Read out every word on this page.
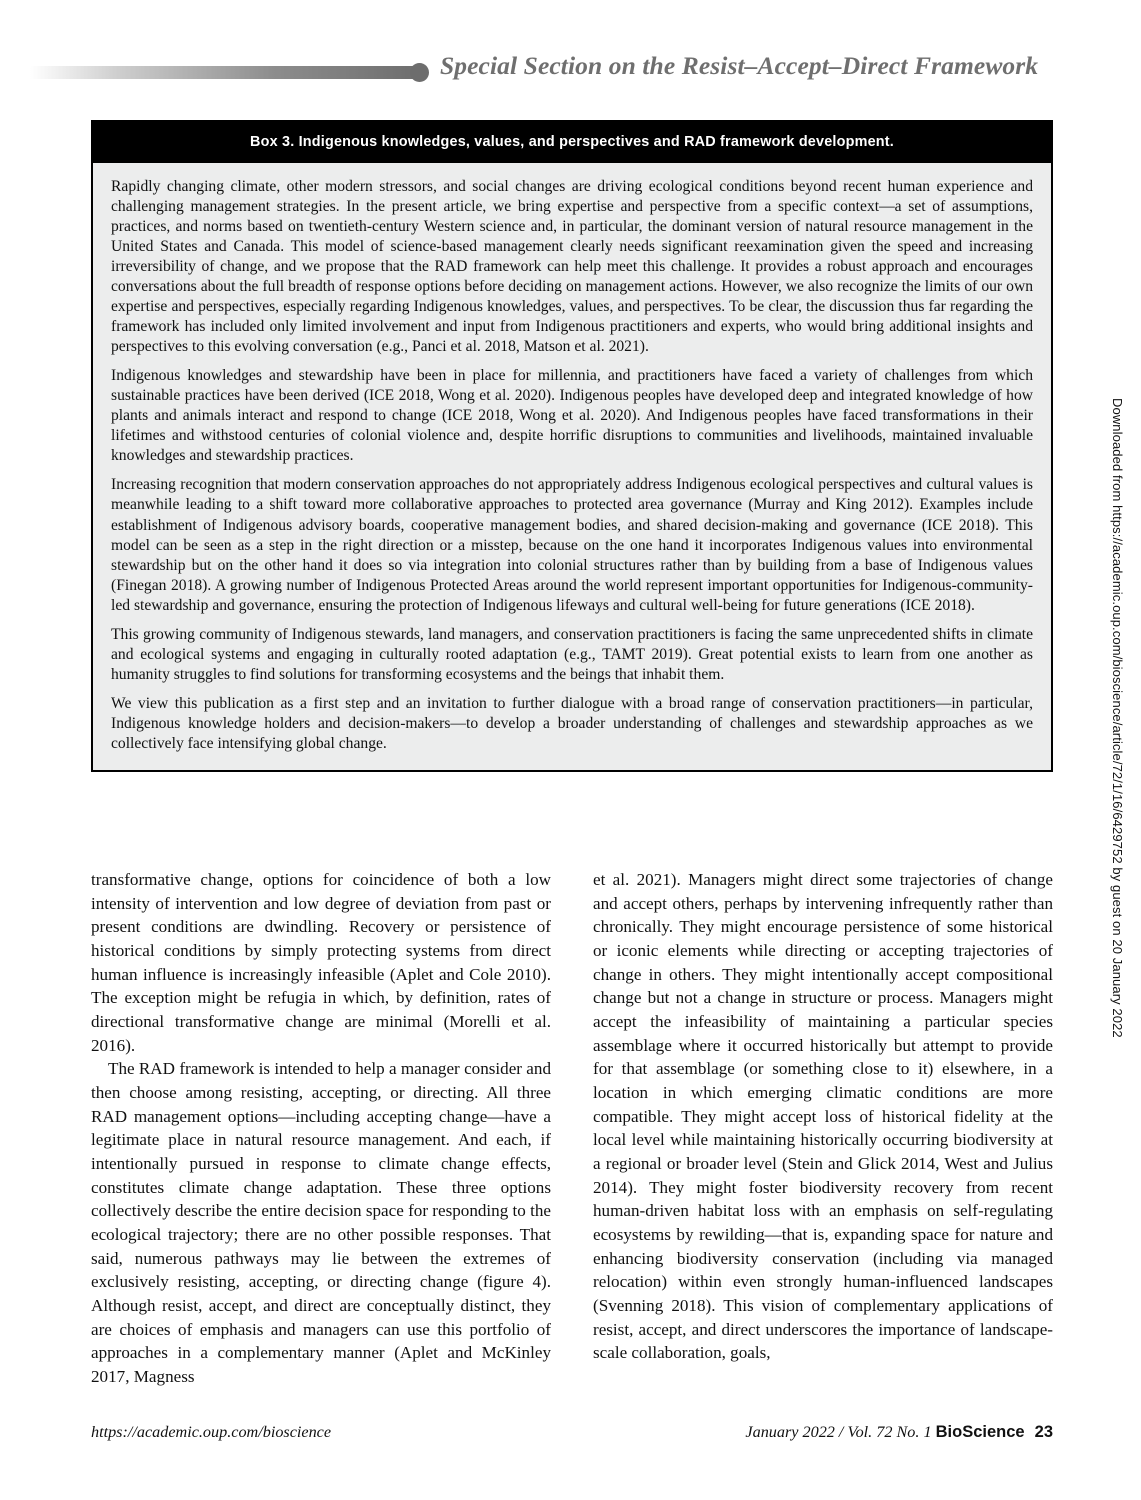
Special Section on the Resist–Accept–Direct Framework
Box 3. Indigenous knowledges, values, and perspectives and RAD framework development.

Rapidly changing climate, other modern stressors, and social changes are driving ecological conditions beyond recent human experience and challenging management strategies. In the present article, we bring expertise and perspective from a specific context—a set of assumptions, practices, and norms based on twentieth-century Western science and, in particular, the dominant version of natural resource management in the United States and Canada. This model of science-based management clearly needs significant reexamination given the speed and increasing irreversibility of change, and we propose that the RAD framework can help meet this challenge. It provides a robust approach and encourages conversations about the full breadth of response options before deciding on management actions. However, we also recognize the limits of our own expertise and perspectives, especially regarding Indigenous knowledges, values, and perspectives. To be clear, the discussion thus far regarding the framework has included only limited involvement and input from Indigenous practitioners and experts, who would bring additional insights and perspectives to this evolving conversation (e.g., Panci et al. 2018, Matson et al. 2021).

Indigenous knowledges and stewardship have been in place for millennia, and practitioners have faced a variety of challenges from which sustainable practices have been derived (ICE 2018, Wong et al. 2020). Indigenous peoples have developed deep and integrated knowledge of how plants and animals interact and respond to change (ICE 2018, Wong et al. 2020). And Indigenous peoples have faced transformations in their lifetimes and withstood centuries of colonial violence and, despite horrific disruptions to communities and livelihoods, maintained invaluable knowledges and stewardship practices.

Increasing recognition that modern conservation approaches do not appropriately address Indigenous ecological perspectives and cultural values is meanwhile leading to a shift toward more collaborative approaches to protected area governance (Murray and King 2012). Examples include establishment of Indigenous advisory boards, cooperative management bodies, and shared decision-making and governance (ICE 2018). This model can be seen as a step in the right direction or a misstep, because on the one hand it incorporates Indigenous values into environmental stewardship but on the other hand it does so via integration into colonial structures rather than by building from a base of Indigenous values (Finegan 2018). A growing number of Indigenous Protected Areas around the world represent important opportunities for Indigenous-community-led stewardship and governance, ensuring the protection of Indigenous lifeways and cultural well-being for future generations (ICE 2018).

This growing community of Indigenous stewards, land managers, and conservation practitioners is facing the same unprecedented shifts in climate and ecological systems and engaging in culturally rooted adaptation (e.g., TAMT 2019). Great potential exists to learn from one another as humanity struggles to find solutions for transforming ecosystems and the beings that inhabit them.

We view this publication as a first step and an invitation to further dialogue with a broad range of conservation practitioners—in particular, Indigenous knowledge holders and decision-makers—to develop a broader understanding of challenges and stewardship approaches as we collectively face intensifying global change.

transformative change, options for coincidence of both a low intensity of intervention and low degree of deviation from past or present conditions are dwindling. Recovery or persistence of historical conditions by simply protecting systems from direct human influence is increasingly infeasible (Aplet and Cole 2010). The exception might be refugia in which, by definition, rates of directional transformative change are minimal (Morelli et al. 2016).

The RAD framework is intended to help a manager consider and then choose among resisting, accepting, or directing. All three RAD management options—including accepting change—have a legitimate place in natural resource management. And each, if intentionally pursued in response to climate change effects, constitutes climate change adaptation. These three options collectively describe the entire decision space for responding to the ecological trajectory; there are no other possible responses. That said, numerous pathways may lie between the extremes of exclusively resisting, accepting, or directing change (figure 4). Although resist, accept, and direct are conceptually distinct, they are choices of emphasis and managers can use this portfolio of approaches in a complementary manner (Aplet and McKinley 2017, Magness

et al. 2021). Managers might direct some trajectories of change and accept others, perhaps by intervening infrequently rather than chronically. They might encourage persistence of some historical or iconic elements while directing or accepting trajectories of change in others. They might intentionally accept compositional change but not a change in structure or process. Managers might accept the infeasibility of maintaining a particular species assemblage where it occurred historically but attempt to provide for that assemblage (or something close to it) elsewhere, in a location in which emerging climatic conditions are more compatible. They might accept loss of historical fidelity at the local level while maintaining historically occurring biodiversity at a regional or broader level (Stein and Glick 2014, West and Julius 2014). They might foster biodiversity recovery from recent human-driven habitat loss with an emphasis on self-regulating ecosystems by rewilding—that is, expanding space for nature and enhancing biodiversity conservation (including via managed relocation) within even strongly human-influenced landscapes (Svenning 2018). This vision of complementary applications of resist, accept, and direct underscores the importance of landscape-scale collaboration, goals,

https://academic.oup.com/bioscience	January 2022 / Vol. 72 No. 1 BioScience 23
Downloaded from https://academic.oup.com/bioscience/article/72/1/16/6429752 by guest on 20 January 2022
